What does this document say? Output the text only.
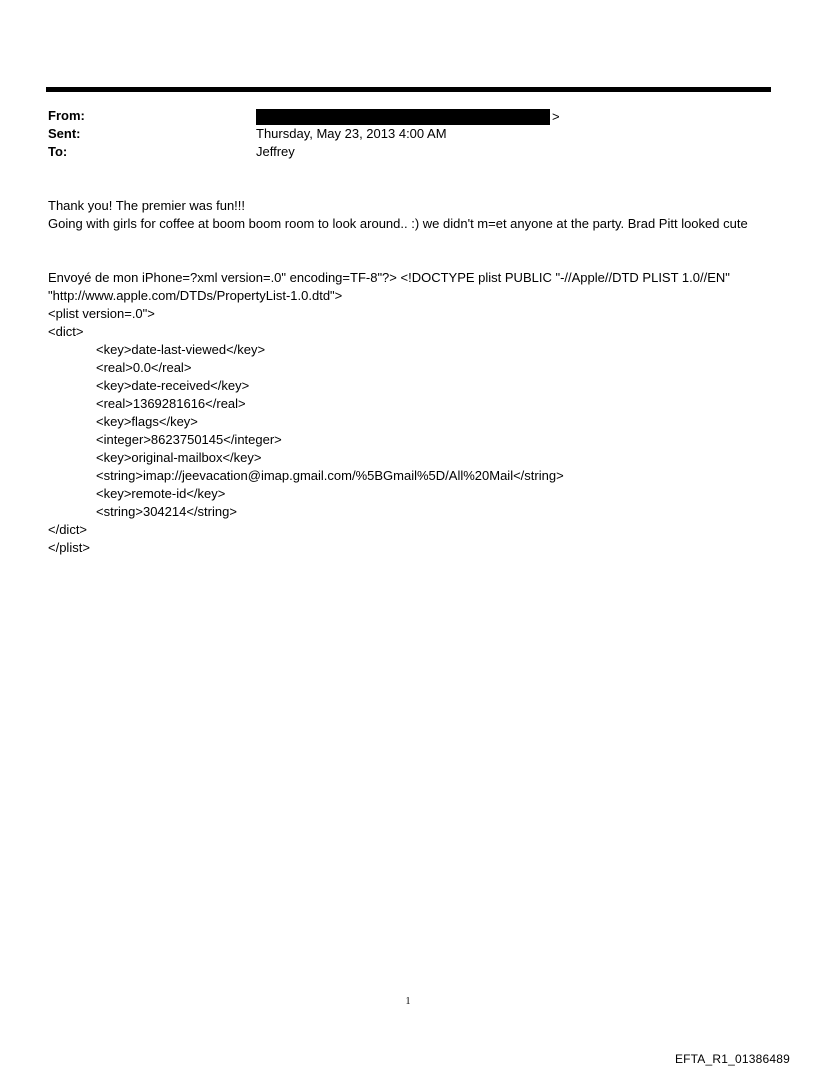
From:	>
Sent:	Thursday, May 23, 2013 4:00 AM
To:	Jeffrey
Thank you! The premier was fun!!!
Going with girls for coffee at boom boom room to look around.. :) we didn't m=et anyone at the party. Brad Pitt looked cute
Envoyé de mon iPhone=?xml version=.0" encoding=TF-8"?> <!DOCTYPE plist PUBLIC "-//Apple//DTD PLIST 1.0//EN"
"http://www.apple.com/DTDs/PropertyList-1.0.dtd">
<plist version=.0">
<dict>
<key>date-last-viewed</key>
<real>0.0</real>
<key>date-received</key>
<real>1369281616</real>
<key>flags</key>
<integer>8623750145</integer>
<key>original-mailbox</key>
<string>imap://jeevacation@imap.gmail.com/%5BGmail%5D/All%20Mail</string>
<key>remote-id</key>
<string>304214</string>
</dict>
</plist>
1
EFTA_R1_01386489
